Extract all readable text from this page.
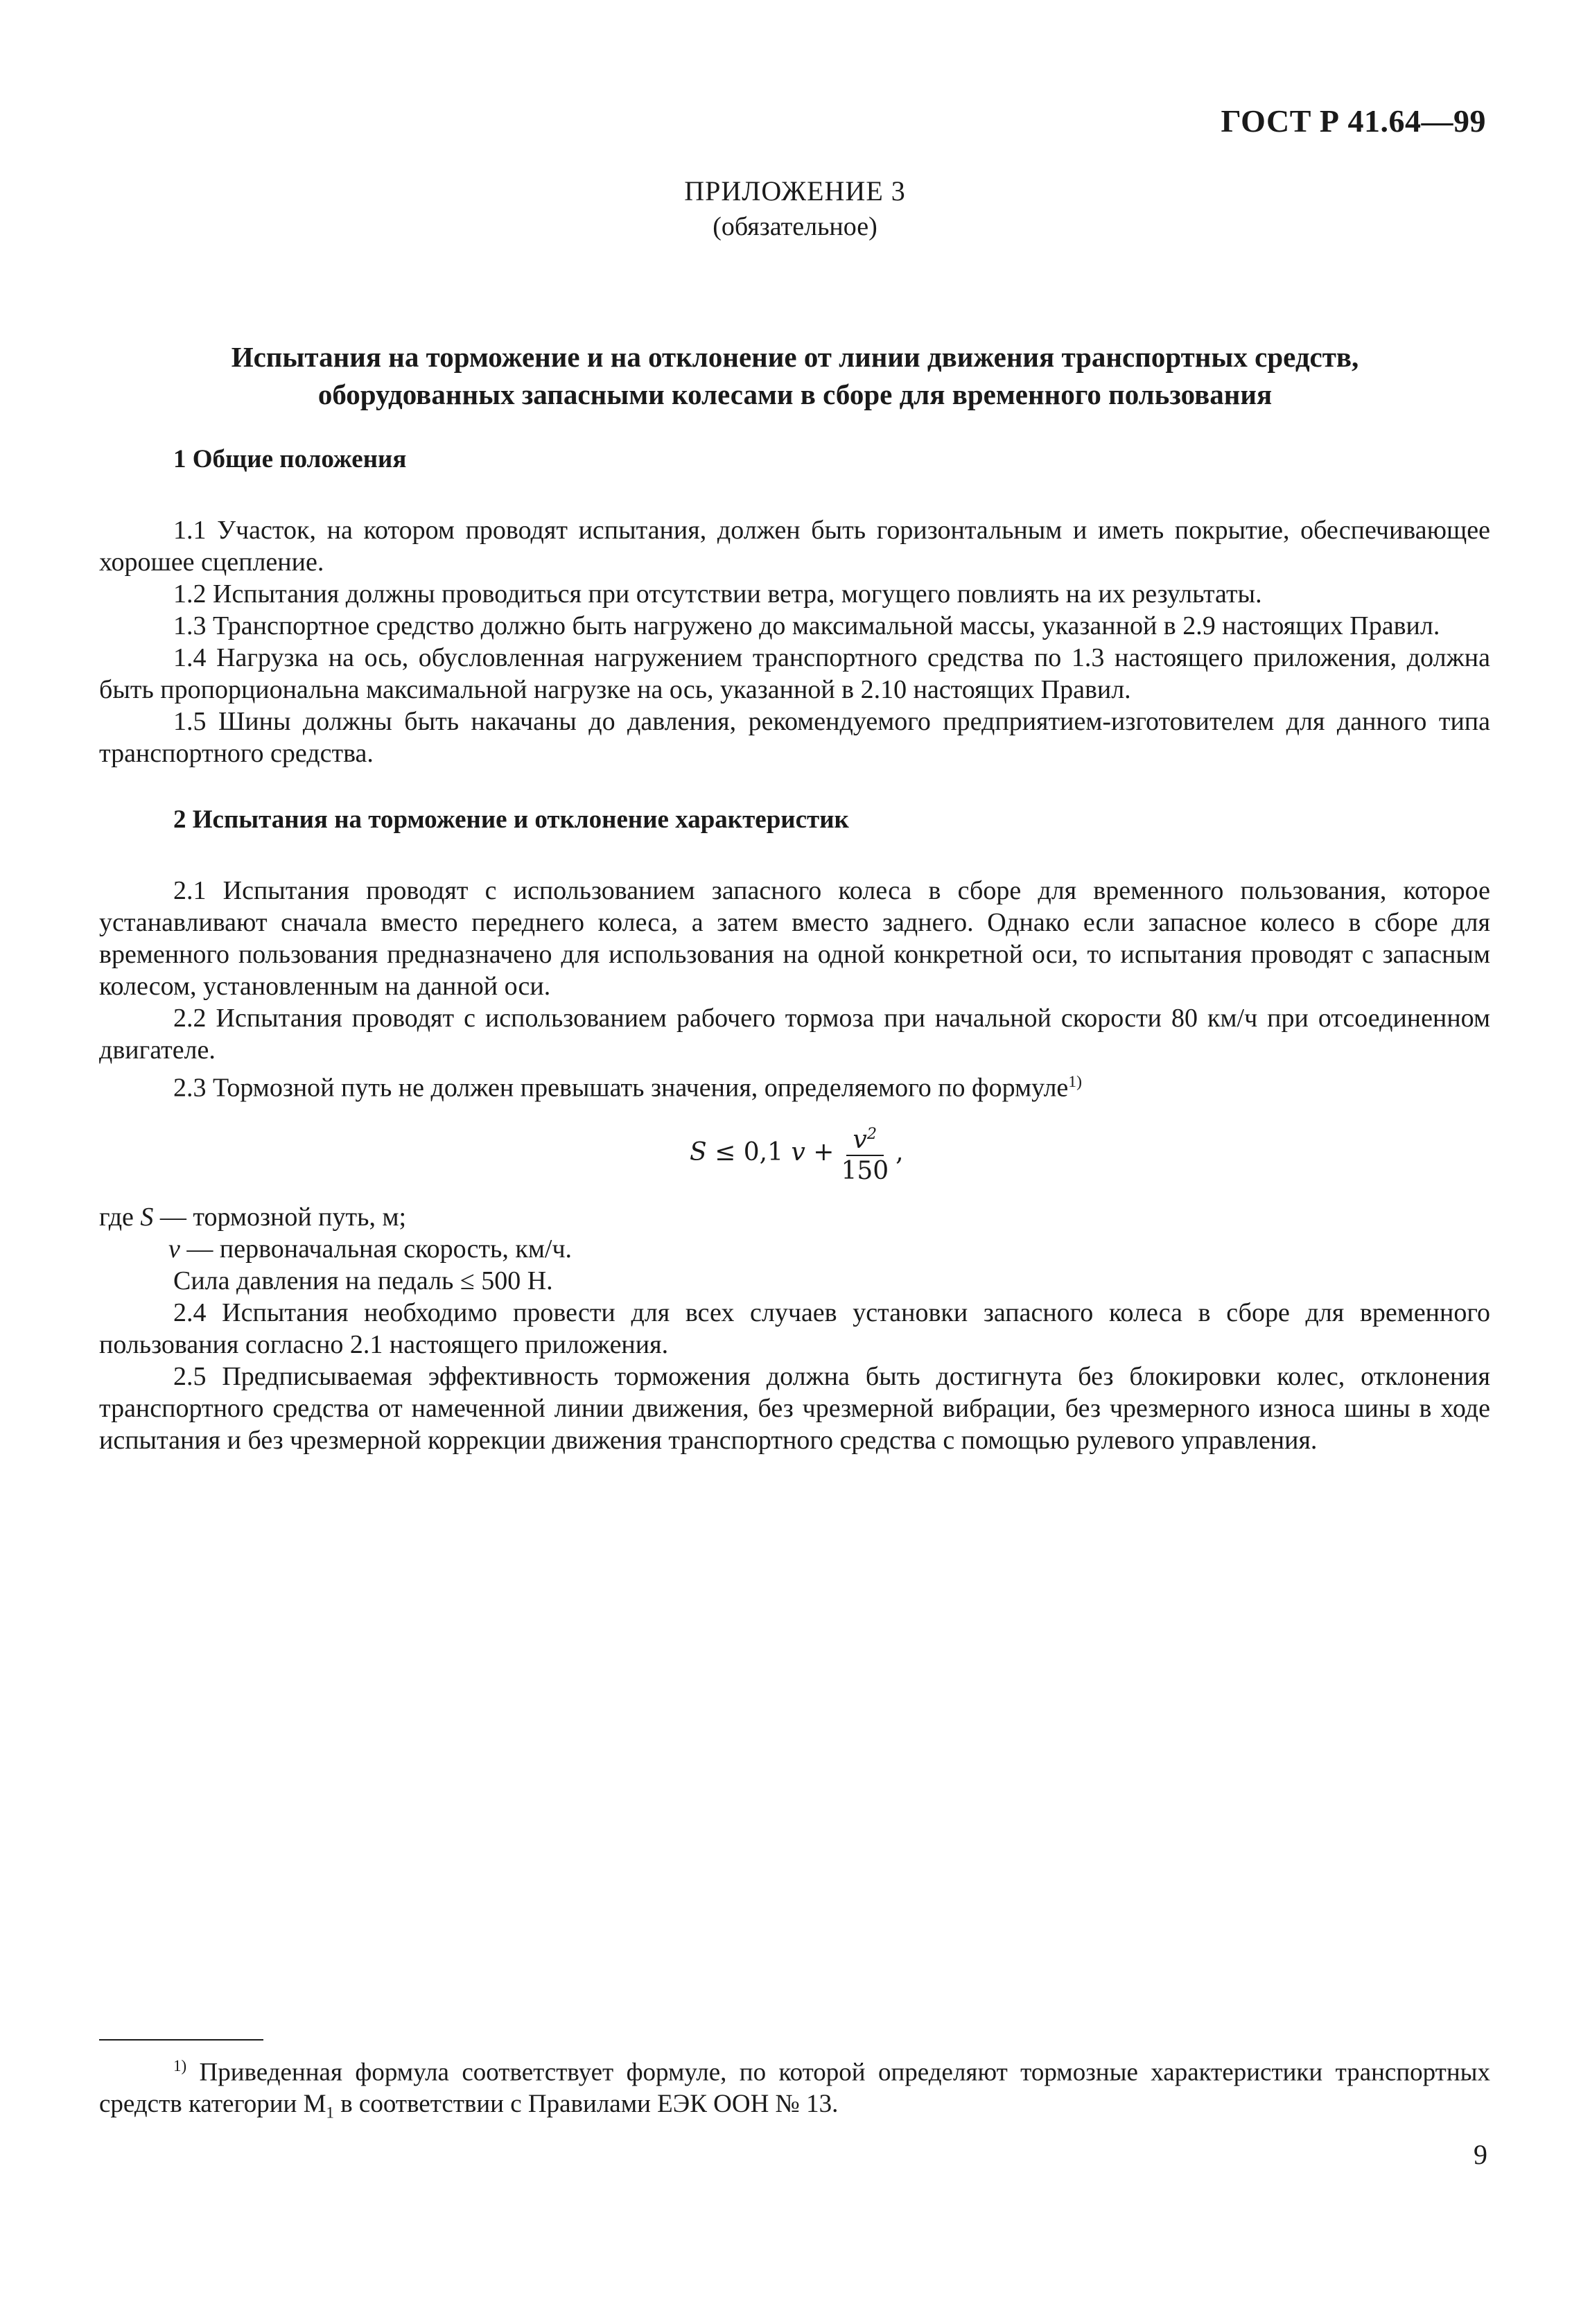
ГОСТ Р 41.64—99
ПРИЛОЖЕНИЕ 3
(обязательное)
Испытания на торможение и на отклонение от линии движения транспортных средств,
оборудованных запасными колесами в сборе для временного пользования
1 Общие положения

1.1 Участок, на котором проводят испытания, должен быть горизонтальным и иметь покрытие, обеспечивающее хорошее сцепление.

1.2 Испытания должны проводиться при отсутствии ветра, могущего повлиять на их результаты.

1.3 Транспортное средство должно быть нагружено до максимальной массы, указанной в 2.9 настоящих Правил.

1.4 Нагрузка на ось, обусловленная нагружением транспортного средства по 1.3 настоящего приложения, должна быть пропорциональна максимальной нагрузке на ось, указанной в 2.10 настоящих Правил.

1.5 Шины должны быть накачаны до давления, рекомендуемого предприятием-изготовителем для данного типа транспортного средства.

2 Испытания на торможение и отклонение характеристик

2.1 Испытания проводят с использованием запасного колеса в сборе для временного пользования, которое устанавливают сначала вместо переднего колеса, а затем вместо заднего. Однако если запасное колесо в сборе для временного пользования предназначено для использования на одной конкретной оси, то испытания проводят с запасным колесом, установленным на данной оси.

2.2 Испытания проводят с использованием рабочего тормоза при начальной скорости 80 км/ч при отсоединенном двигателе.

2.3 Тормозной путь не должен превышать значения, определяемого по формуле$^{1)}$

S
≤
0,1
v
+ $\frac{v^2}{150}$ ,

где S — тормозной путь, м;

v — первоначальная скорость, км/ч.

Сила давления на педаль ≤ 500 Н.

2.4 Испытания необходимо провести для всех случаев установки запасного колеса в сборе для временного пользования согласно 2.1 настоящего приложения.

2.5 Предписываемая эффективность торможения должна быть достигнута без блокировки колес, отклонения транспортного средства от намеченной линии движения, без чрезмерной вибрации, без чрезмерного износа шины в ходе испытания и без чрезмерной коррекции движения транспортного средства с помощью рулевого управления.

$^{1)}$ Приведенная формула соответствует формуле, по которой определяют тормозные характеристики транспортных средств категории $M_1$ в соответствии с Правилами ЕЭК ООН № 13.

9
